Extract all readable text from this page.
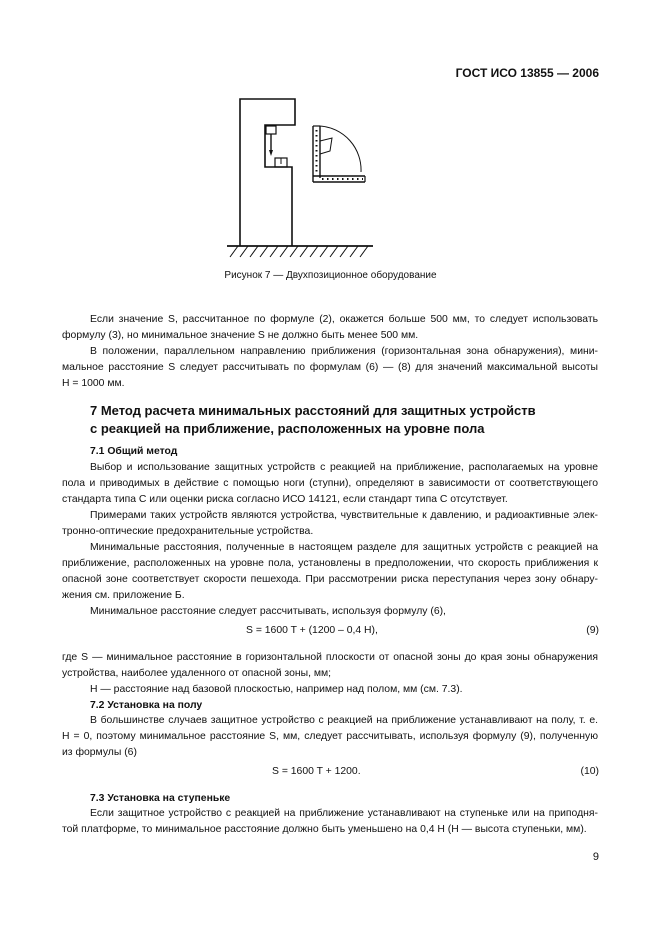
ГОСТ ИСО 13855 — 2006
Рисунок 7 — Двухпозиционное оборудование

Если значение S, рассчитанное по формуле (2), окажется больше 500 мм, то следует использовать

формулу (3), но минимальное значение S не должно быть менее 500 мм.

В положении, параллельном направлению приближения (горизонтальная зона обнаружения), мини-

мальное расстояние S следует рассчитывать по формулам (6) — (8) для значений максимальной высоты

H = 1000 мм.

7 Метод расчета минимальных расстояний для защитных устройств

с реакцией на приближение, расположенных на уровне пола

7.1 Общий метод

Выбор и использование защитных устройств с реакцией на приближение, располагаемых на уровне

пола и приводимых в действие с помощью ноги (ступни), определяют в зависимости от соответствующего

стандарта типа С или оценки риска согласно ИСО 14121, если стандарт типа С отсутствует.

Примерами таких устройств являются устройства, чувствительные к давлению, и радиоактивные элек-

тронно-оптические предохранительные устройства.

Минимальные расстояния, полученные в настоящем разделе для защитных устройств с реакцией на

приближение, расположенных на уровне пола, установлены в предположении, что скорость приближения к

опасной зоне соответствует скорости пешехода. При рассмотрении риска переступания через зону обнару-

жения см. приложение Б.

Минимальное расстояние следует рассчитывать, используя формулу (6),

S = 1600 T + (1200 – 0,4 H),	(9)

где S — минимальное расстояние в горизонтальной плоскости от опасной зоны до края зоны обнаружения

устройства, наиболее удаленного от опасной зоны, мм;

H — расстояние над базовой плоскостью, например над полом, мм (см. 7.3).

7.2 Установка на полу

В большинстве случаев защитное устройство с реакцией на приближение устанавливают на полу, т. е.

H = 0, поэтому минимальное расстояние S, мм, следует рассчитывать, используя формулу (9), полученную

из формулы (6)

S = 1600 T + 1200.	(10)

7.3 Установка на ступеньке

Если защитное устройство с реакцией на приближение устанавливают на ступеньке или на приподня-

той платформе, то минимальное расстояние должно быть уменьшено на 0,4 H (H — высота ступеньки, мм).

9
